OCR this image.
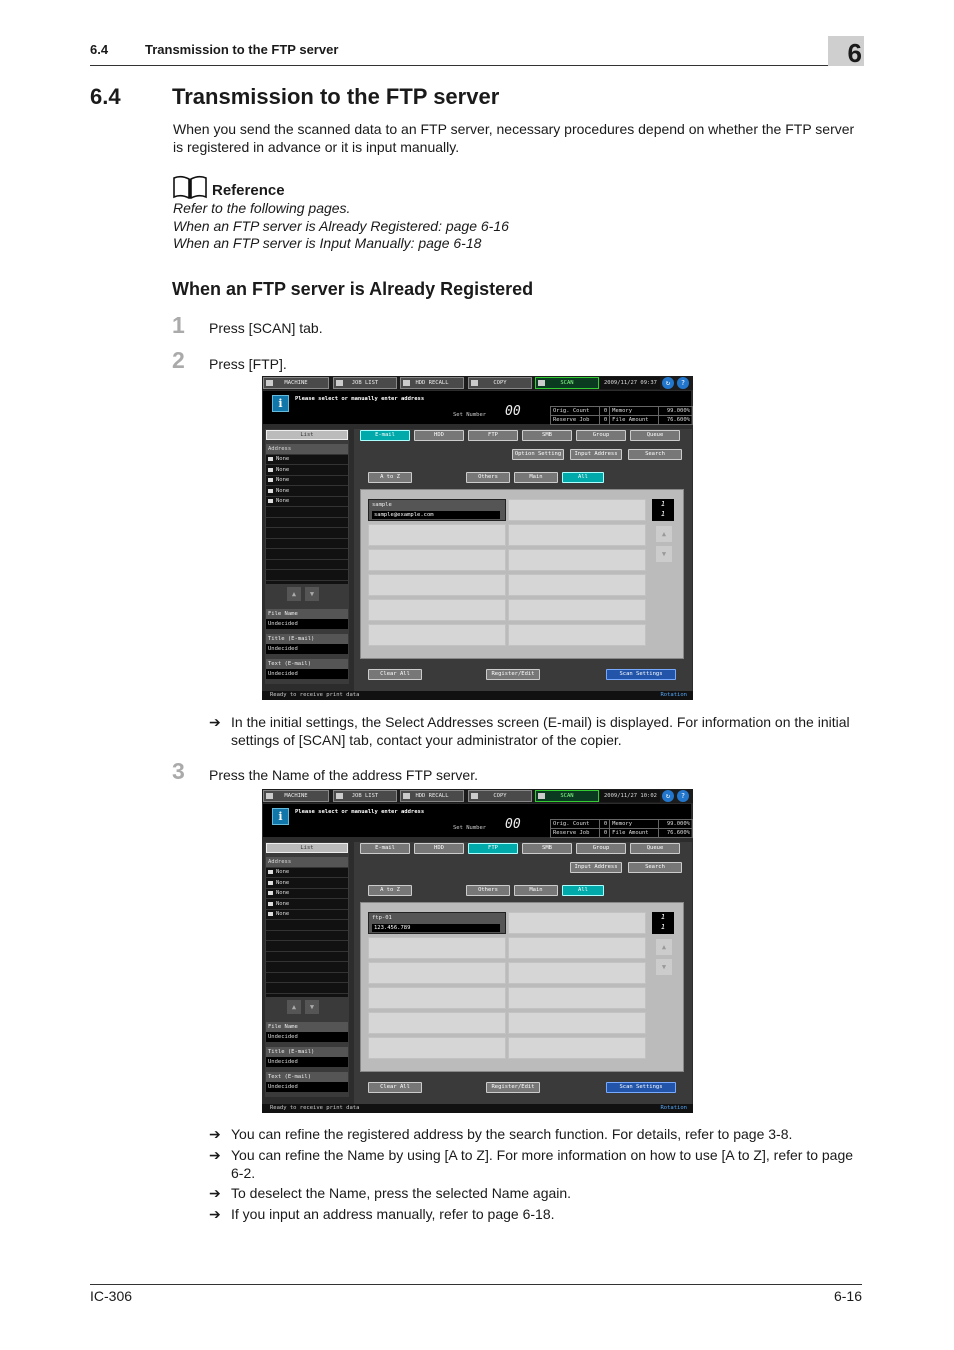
6.4	Transmission to the FTP server	6
6.4 Transmission to the FTP server

When you send the scanned data to an FTP server, necessary procedures depend on whether the FTP server is registered in advance or it is input manually.

Reference
Refer to the following pages.
When an FTP server is Already Registered: page 6-16
When an FTP server is Input Manually: page 6-18
When an FTP server is Already Registered
1 Press [SCAN] tab.
2 Press [FTP].
MACHINE	JOB LIST	HDD RECALL	COPY	SCAN	2009/11/27 09:37	↻	?
i	Please select or manually enter address
Set Number 00	Orig. Count	0	Memory	99.000%
Reserve Job	0	File Amount	76.600%
List
Address
None
None
None
None
None
▲	▼
File Name
Undecided
Title (E-mail)
Undecided
Text (E-mail)
Undecided
E-mail	HDD	FTP	SMB	Group	Queue
Option Setting	Input Address	Search
A to Z	Others	Main	All
sample
sample@example.com
1
1
▲
▼
Clear All	Register/Edit	Scan Settings
Ready to receive print data	Rotation
➔ In the initial settings, the Select Addresses screen (E-mail) is displayed. For information on the initial settings of [SCAN] tab, contact your administrator of the copier.
3 Press the Name of the address FTP server.
MACHINE	JOB LIST	HDD RECALL	COPY	SCAN	2009/11/27 10:02	↻	?
i	Please select or manually enter address
Set Number 00	Orig. Count	0	Memory	99.000%
Reserve Job	0	File Amount	76.600%
List
Address
None
None
None
None
None
▲	▼
File Name
Undecided
Title (E-mail)
Undecided
Text (E-mail)
Undecided
E-mail	HDD	FTP	SMB	Group	Queue
Input Address	Search
A to Z	Others	Main	All
ftp-01
123.456.789
1
1
▲
▼
Clear All	Register/Edit	Scan Settings
Ready to receive print data	Rotation
➔ You can refine the registered address by the search function. For details, refer to page 3-8.
➔ You can refine the Name by using [A to Z]. For more information on how to use [A to Z], refer to page 6-2.
➔ To deselect the Name, press the selected Name again.
➔ If you input an address manually, refer to page 6-18.
IC-306	6-16
